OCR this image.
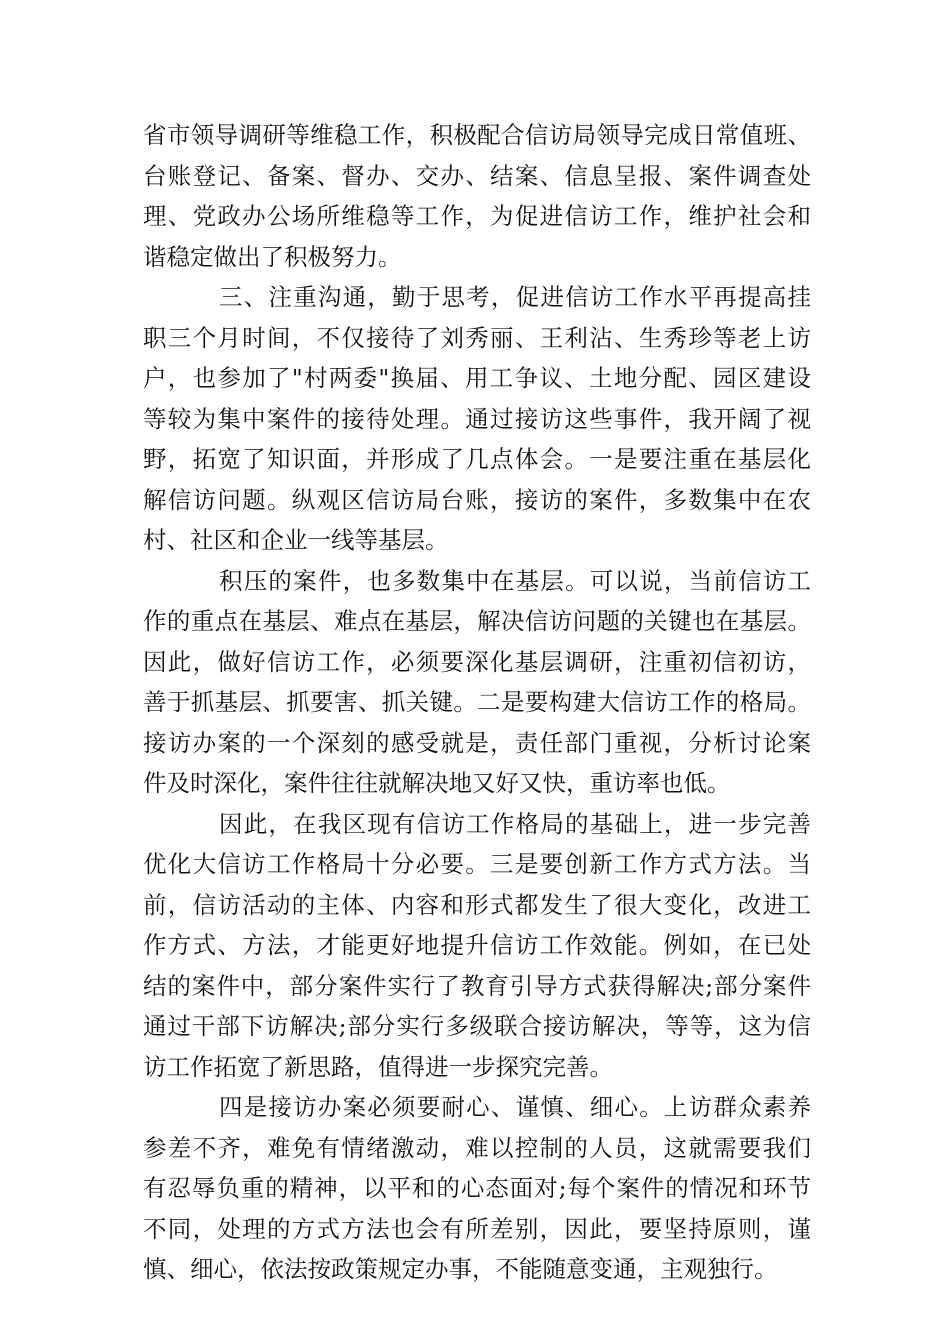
省市领导调研等维稳工作，积极配合信访局领导完成日常值班、
台账登记、备案、督办、交办、结案、信息呈报、案件调查处
理、党政办公场所维稳等工作，为促进信访工作，维护社会和
谐稳定做出了积极努力。
三、注重沟通，勤于思考，促进信访工作水平再提高挂
职三个月时间，不仅接待了刘秀丽、王利沾、生秀珍等老上访
户，也参加了"村两委"换届、用工争议、土地分配、园区建设
等较为集中案件的接待处理。通过接访这些事件，我开阔了视
野，拓宽了知识面，并形成了几点体会。一是要注重在基层化
解信访问题。纵观区信访局台账，接访的案件，多数集中在农
村、社区和企业一线等基层。
积压的案件，也多数集中在基层。可以说，当前信访工
作的重点在基层、难点在基层，解决信访问题的关键也在基层。
因此，做好信访工作，必须要深化基层调研，注重初信初访，
善于抓基层、抓要害、抓关键。二是要构建大信访工作的格局。
接访办案的一个深刻的感受就是，责任部门重视，分析讨论案
件及时深化，案件往往就解决地又好又快，重访率也低。
因此，在我区现有信访工作格局的基础上，进一步完善
优化大信访工作格局十分必要。三是要创新工作方式方法。当
前，信访活动的主体、内容和形式都发生了很大变化，改进工
作方式、方法，才能更好地提升信访工作效能。例如，在已处
结的案件中，部分案件实行了教育引导方式获得解决;部分案件
通过干部下访解决;部分实行多级联合接访解决，等等，这为信
访工作拓宽了新思路，值得进一步探究完善。
四是接访办案必须要耐心、谨慎、细心。上访群众素养
参差不齐，难免有情绪激动，难以控制的人员，这就需要我们
有忍辱负重的精神，以平和的心态面对;每个案件的情况和环节
不同，处理的方式方法也会有所差别，因此，要坚持原则，谨
慎、细心，依法按政策规定办事，不能随意变通，主观独行。
